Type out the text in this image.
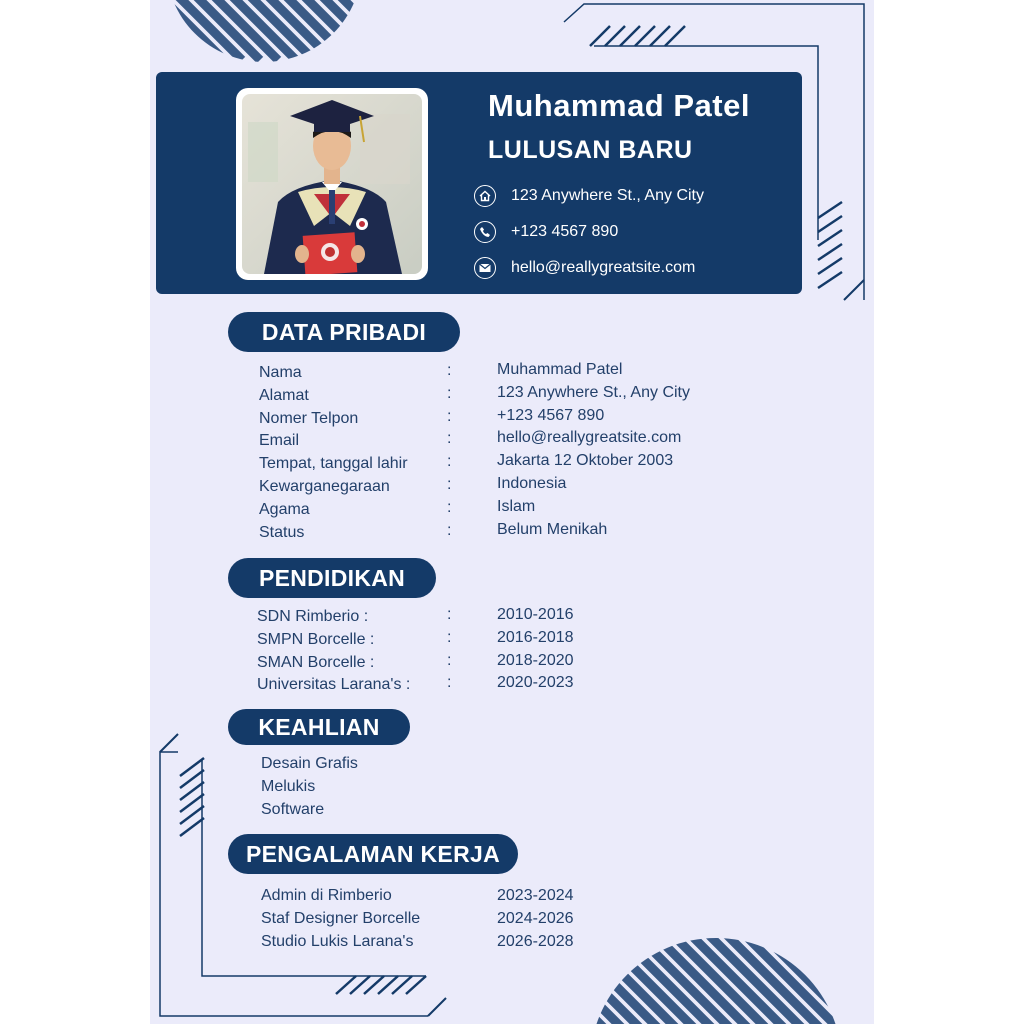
Muhammad Patel
LULUSAN BARU
123 Anywhere St., Any City
+123 4567 890
hello@reallygreatsite.com
DATA PRIBADI
Nama	:	Muhammad Patel
Alamat	:	123 Anywhere St., Any City
Nomer Telpon	:	+123 4567 890
Email	:	hello@reallygreatsite.com
Tempat, tanggal lahir :	Jakarta 12 Oktober 2003
Kewarganegaraan	:	Indonesia
Agama	:	Islam
Status	:	Belum Menikah
PENDIDIKAN
SDN Rimberio :	:	2010-2016
SMPN Borcelle :	:	2016-2018
SMAN Borcelle :	:	2018-2020
Universitas Larana's : :	2020-2023
KEAHLIAN
Desain Grafis
Melukis
Software
PENGALAMAN KERJA
Admin di Rimberio	2023-2024
Staf Designer Borcelle	2024-2026
Studio Lukis Larana's	2026-2028
